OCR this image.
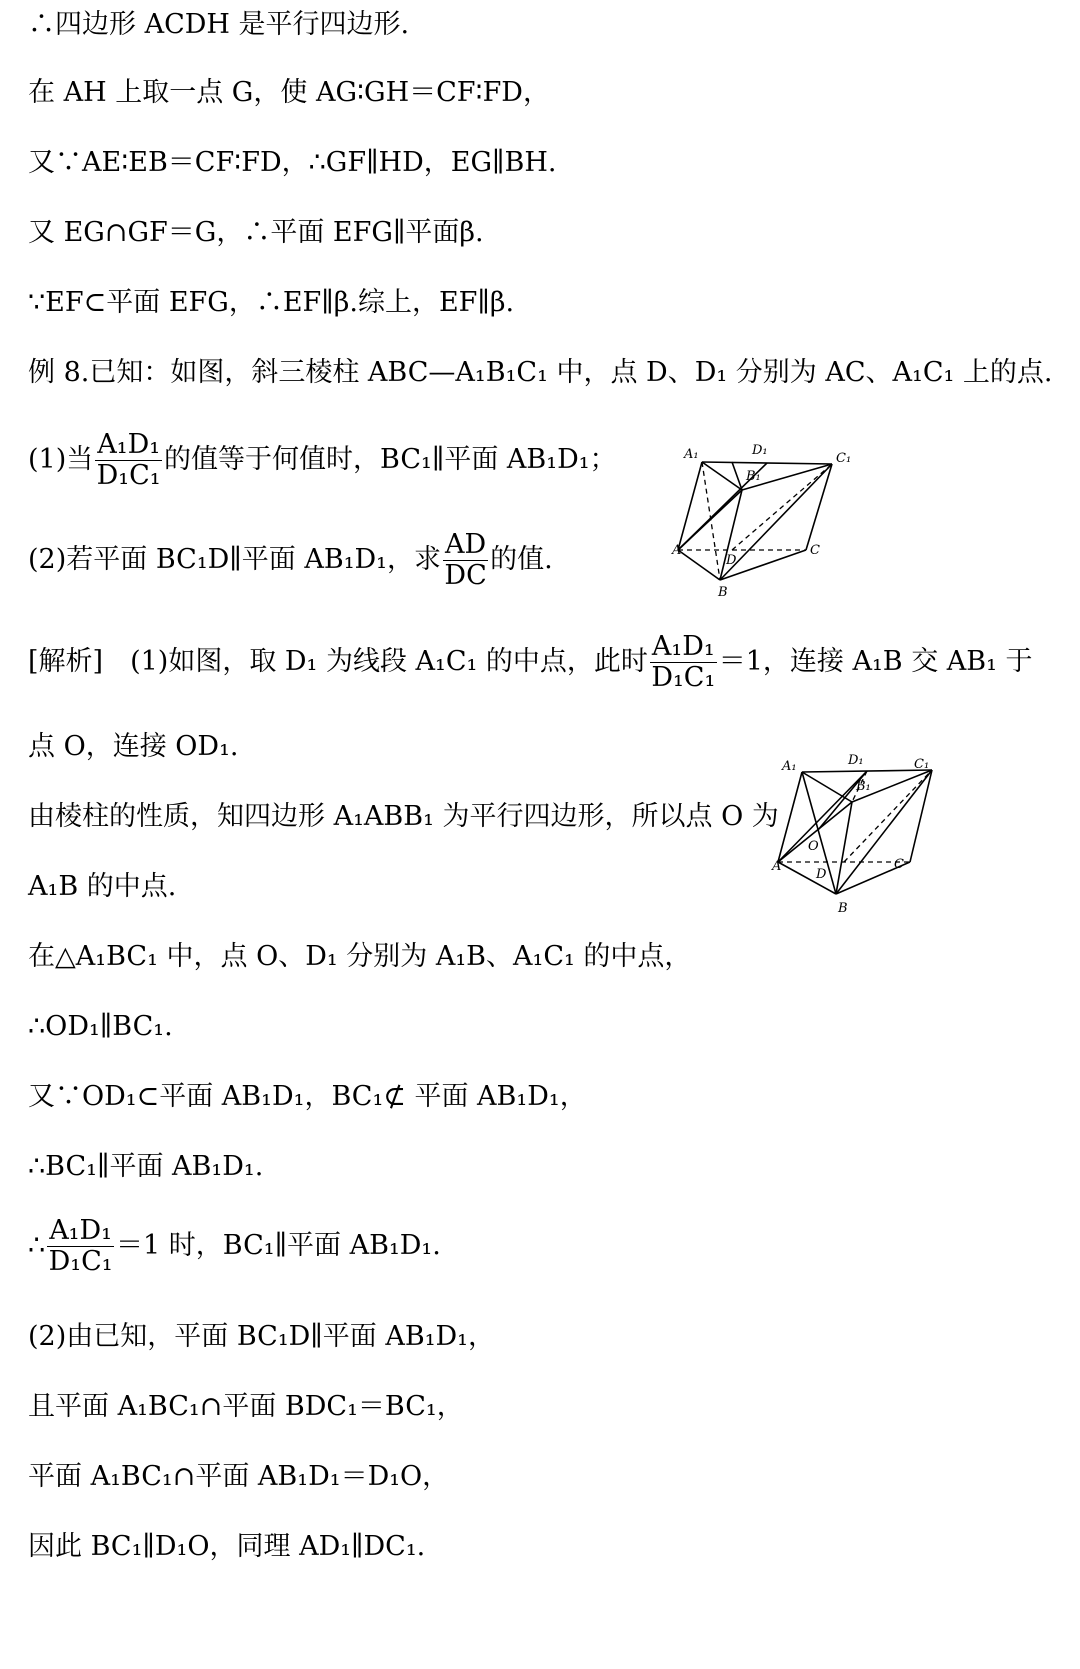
∴四边形 ACDH 是平行四边形.
在 AH 上取一点 G，使 AG∶GH＝CF∶FD，
又∵AE∶EB＝CF∶FD，∴GF∥HD，EG∥BH.
又 EG∩GF＝G，∴平面 EFG∥平面β.
∵EF⊂平面 EFG，∴EF∥β.综上，EF∥β.
例 8.已知：如图，斜三棱柱 ABC—A₁B₁C₁ 中，点 D、D₁ 分别为 AC、A₁C₁ 上的点.
(1)当 $\frac{\text{A₁D₁}}{\text{D₁C₁}}$ 的值等于何值时，BC₁∥平面 AB₁D₁；
(2)若平面 BC₁D∥平面 AB₁D₁，求 $\frac{AD}{DC}$ 的值.
[解析]　(1)如图，取 D₁ 为线段 A₁C₁ 的中点，此时 $\frac{\text{A₁D₁}}{\text{D₁C₁}} =1$，连接 A₁B 交 AB₁ 于
点 O，连接 OD₁.
由棱柱的性质，知四边形 A₁ABB₁ 为平行四边形，所以点 O 为
A₁B 的中点.
在△A₁BC₁ 中，点 O、D₁ 分别为 A₁B、A₁C₁ 的中点，
∴OD₁∥BC₁.
又∵OD₁⊂平面 AB₁D₁，BC₁⊄ 平面 AB₁D₁，
∴BC₁∥平面 AB₁D₁.
∴ $\frac{\text{A₁D₁}}{\text{D₁C₁}} =1$ 时，BC₁∥平面 AB₁D₁.
(2)由已知，平面 BC₁D∥平面 AB₁D₁，
且平面 A₁BC₁∩平面 BDC₁＝BC₁，
平面 A₁BC₁∩平面 AB₁D₁＝D₁O，
因此 BC₁∥D₁O，同理 AD₁∥DC₁.
A₁	D₁
C₁
B₁
A
D
C
B
A₁	D₁	C₁
B₁
A
O
D
C
B
